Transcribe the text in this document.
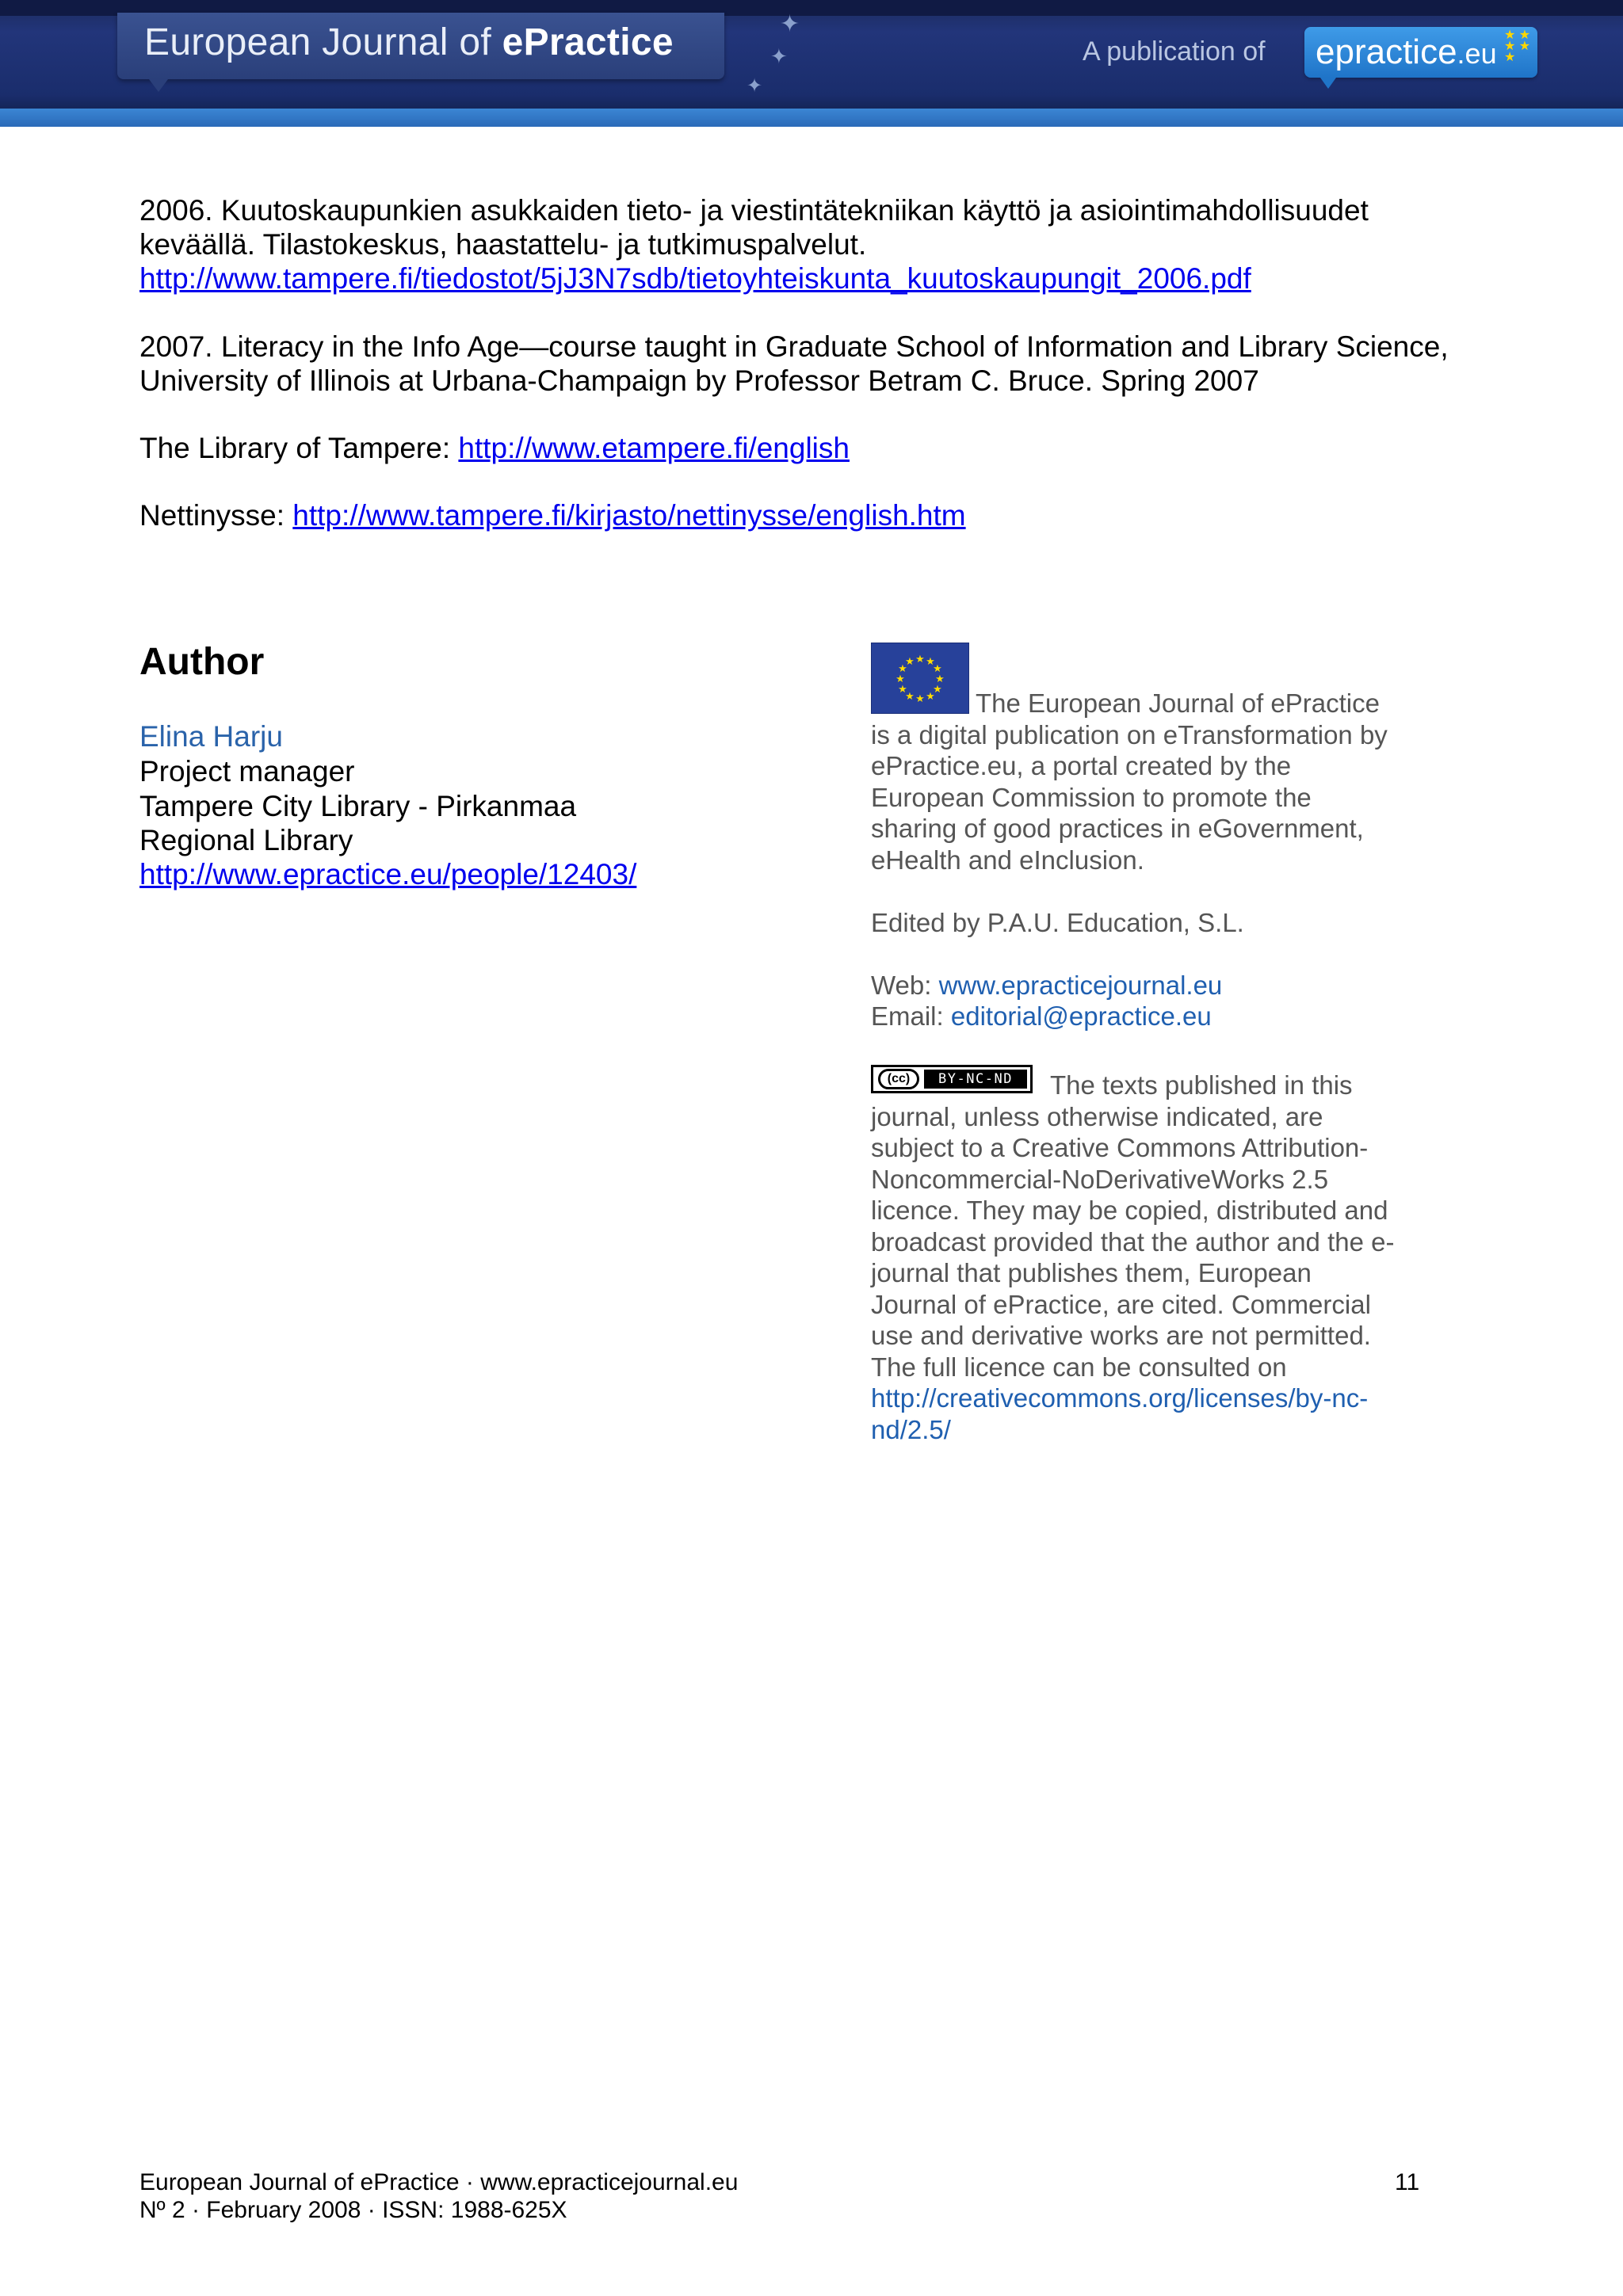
European Journal of ePractice	✦
✦
✦
A publication of epractice.eu
★ ★
★ ★ ★
2006. Kuutoskaupunkien asukkaiden tieto- ja viestintätekniikan käyttö ja asiointimahdollisuudet
keväällä. Tilastokeskus, haastattelu- ja tutkimuspalvelut.
http://www.tampere.fi/tiedostot/5jJ3N7sdb/tietoyhteiskunta_kuutoskaupungit_2006.pdf
2007. Literacy in the Info Age—course taught in Graduate School of Information and Library Science,
University of Illinois at Urbana-Champaign by Professor Betram C. Bruce. Spring 2007
The Library of Tampere: http://www.etampere.fi/english
Nettinysse: http://www.tampere.fi/kirjasto/nettinysse/english.htm
Author
Elina Harju
Project manager
Tampere City Library - Pirkanmaa
Regional Library
http://www.epractice.eu/people/12403/
★ ★
★
★
★
★
★
★
★
★
★
★
The European Journal of ePractice
is a digital publication on eTransformation by
ePractice.eu, a portal created by the
European Commission to promote the
sharing of good practices in eGovernment,
eHealth and eInclusion.
Edited by P.A.U. Education, S.L.
Web: www.epracticejournal.eu
Email: editorial@epractice.eu
(cc)	BY-NC-ND	The texts published in this
journal, unless otherwise indicated, are
subject to a Creative Commons Attribution-
Noncommercial-NoDerivativeWorks 2.5
licence. They may be copied, distributed and
broadcast provided that the author and the e-
journal that publishes them, European
Journal of ePractice, are cited. Commercial
use and derivative works are not permitted.
The full licence can be consulted on
http://creativecommons.org/licenses/by-nc-
nd/2.5/
European Journal of ePractice · www.epracticejournal.eu
Nº 2 · February 2008 · ISSN: 1988-625X
11
